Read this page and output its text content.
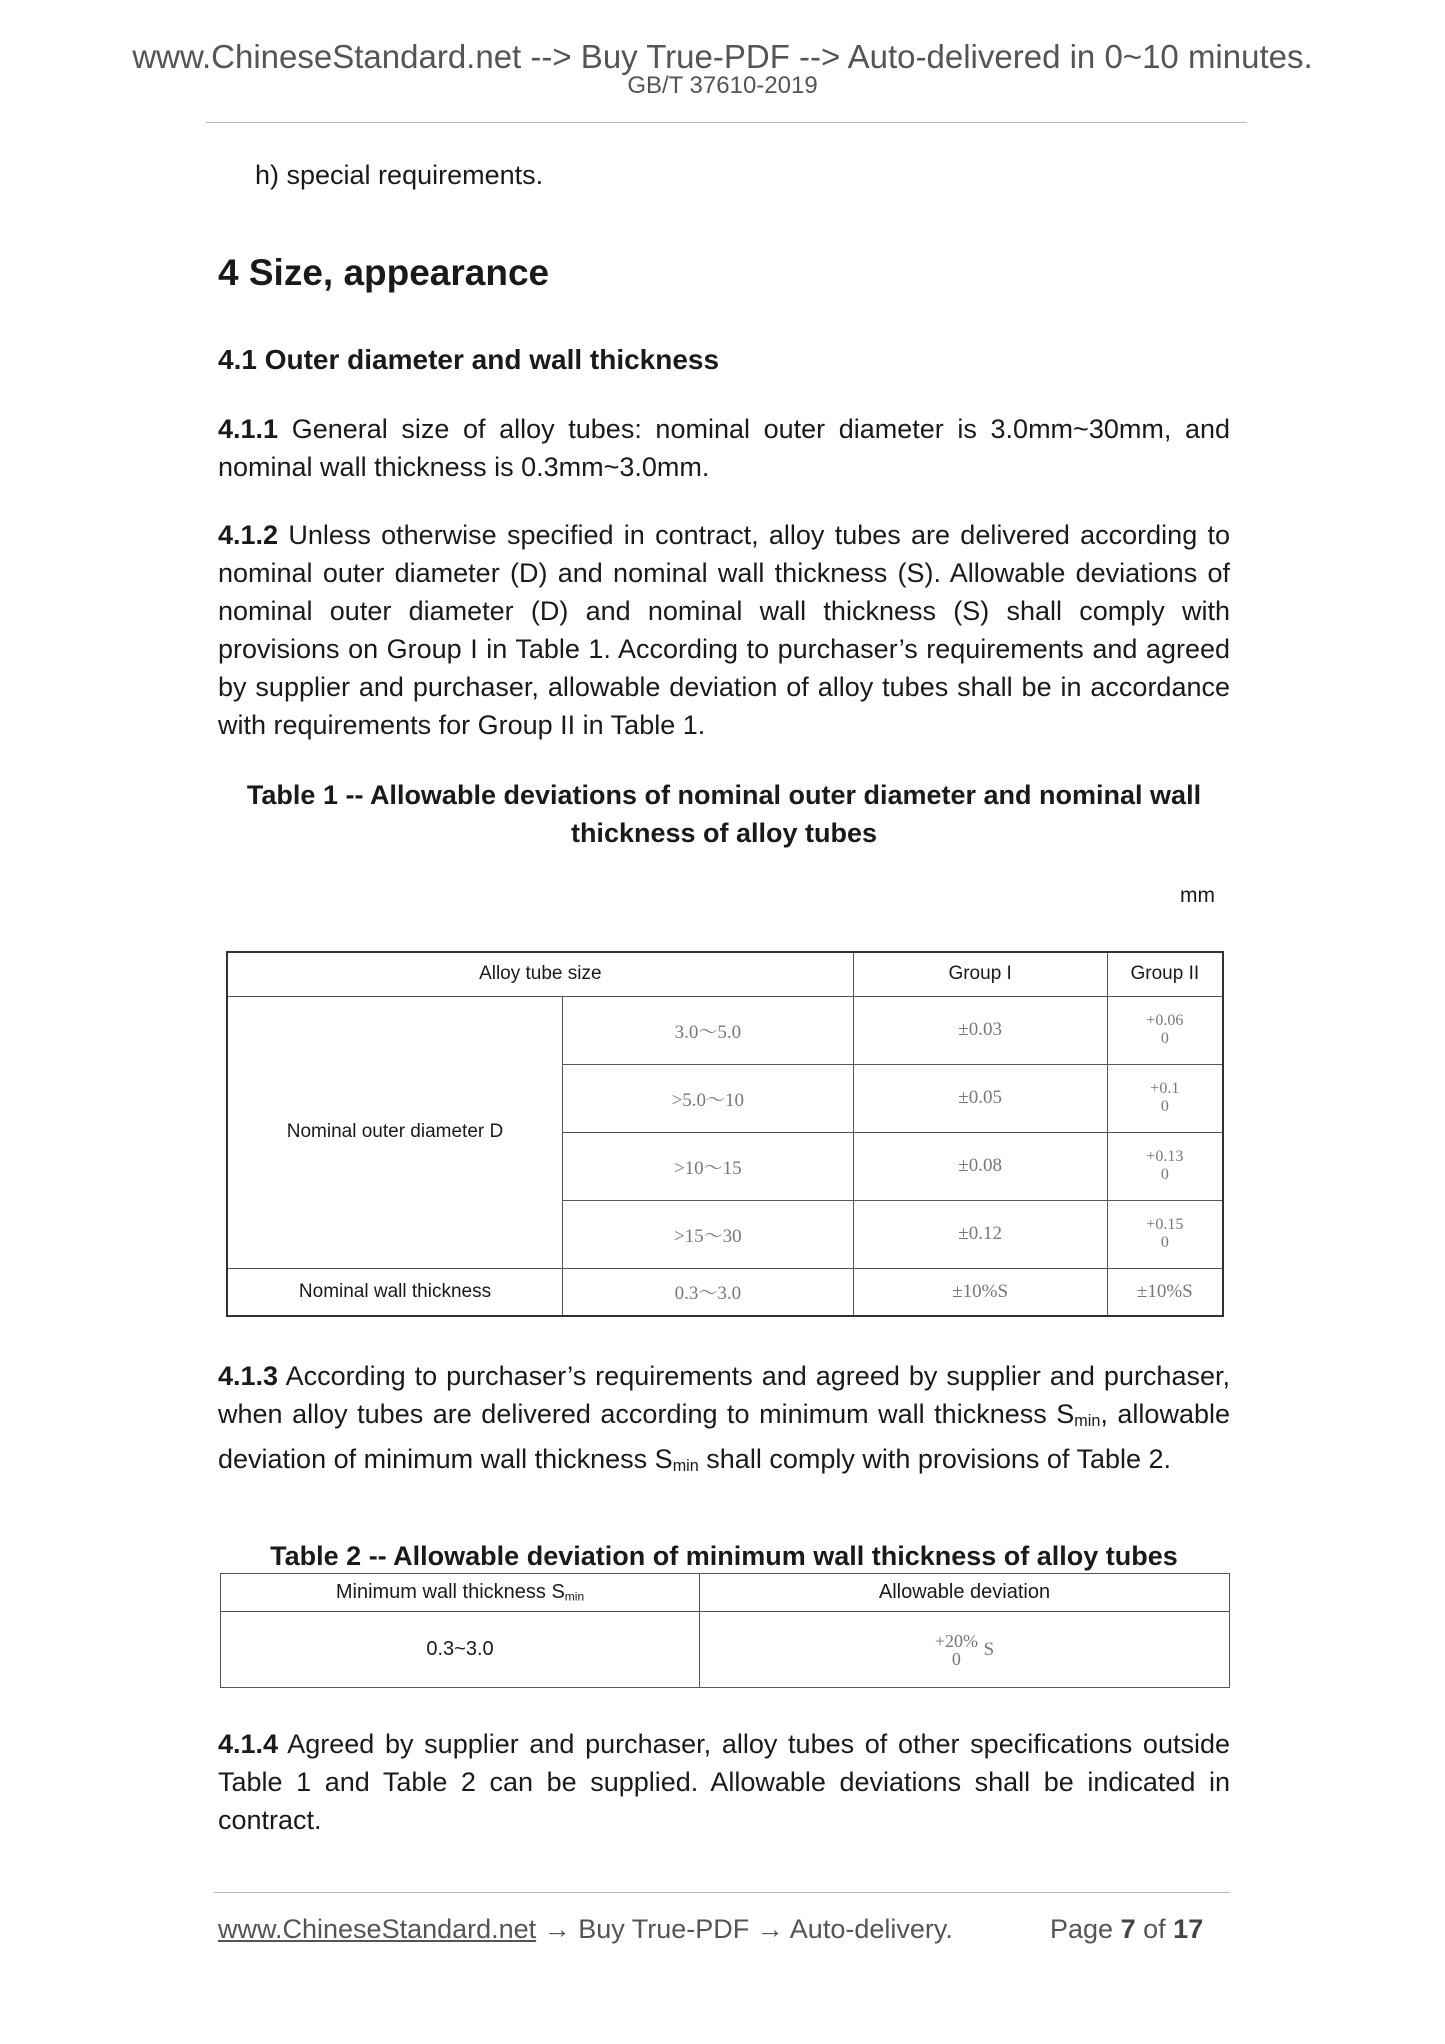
www.ChineseStandard.net --> Buy True-PDF --> Auto-delivered in 0~10 minutes.
GB/T 37610-2019
h) special requirements.
4 Size, appearance
4.1 Outer diameter and wall thickness

4.1.1 General size of alloy tubes: nominal outer diameter is 3.0mm~30mm, and nominal wall thickness is 0.3mm~3.0mm.

4.1.2 Unless otherwise specified in contract, alloy tubes are delivered according to nominal outer diameter (D) and nominal wall thickness (S). Allowable deviations of nominal outer diameter (D) and nominal wall thickness (S) shall comply with provisions on Group I in Table 1. According to purchaser’s requirements and agreed by supplier and purchaser, allowable deviation of alloy tubes shall be in accordance with requirements for Group II in Table 1.

Table 1 -- Allowable deviations of nominal outer diameter and nominal wall thickness of alloy tubes
mm
Alloy tube size		Group I	Group II
Nominal outer diameter D	3.0～5.0	±0.03	+0.06
0
	>5.0～10	±0.05	+0.1
0
	>10～15	±0.08	+0.13
0
	>15～30	±0.12	+0.15
0
Nominal wall thickness	0.3～3.0	±10%S	±10%S

4.1.3 According to purchaser’s requirements and agreed by supplier and purchaser, when alloy tubes are delivered according to minimum wall thickness $S_{min}$, allowable deviation of minimum wall thickness $S_{min}$ shall comply with provisions of Table 2.

Table 2 -- Allowable deviation of minimum wall thickness of alloy tubes
Minimum wall thickness $S_{min}$	Allowable deviation
0.3~3.0	+20%
0 S

4.1.4 Agreed by supplier and purchaser, alloy tubes of other specifications outside Table 1 and Table 2 can be supplied. Allowable deviations shall be indicated in contract.

www.ChineseStandard.net → Buy True-PDF → Auto-delivery.	Page 7 of 17
